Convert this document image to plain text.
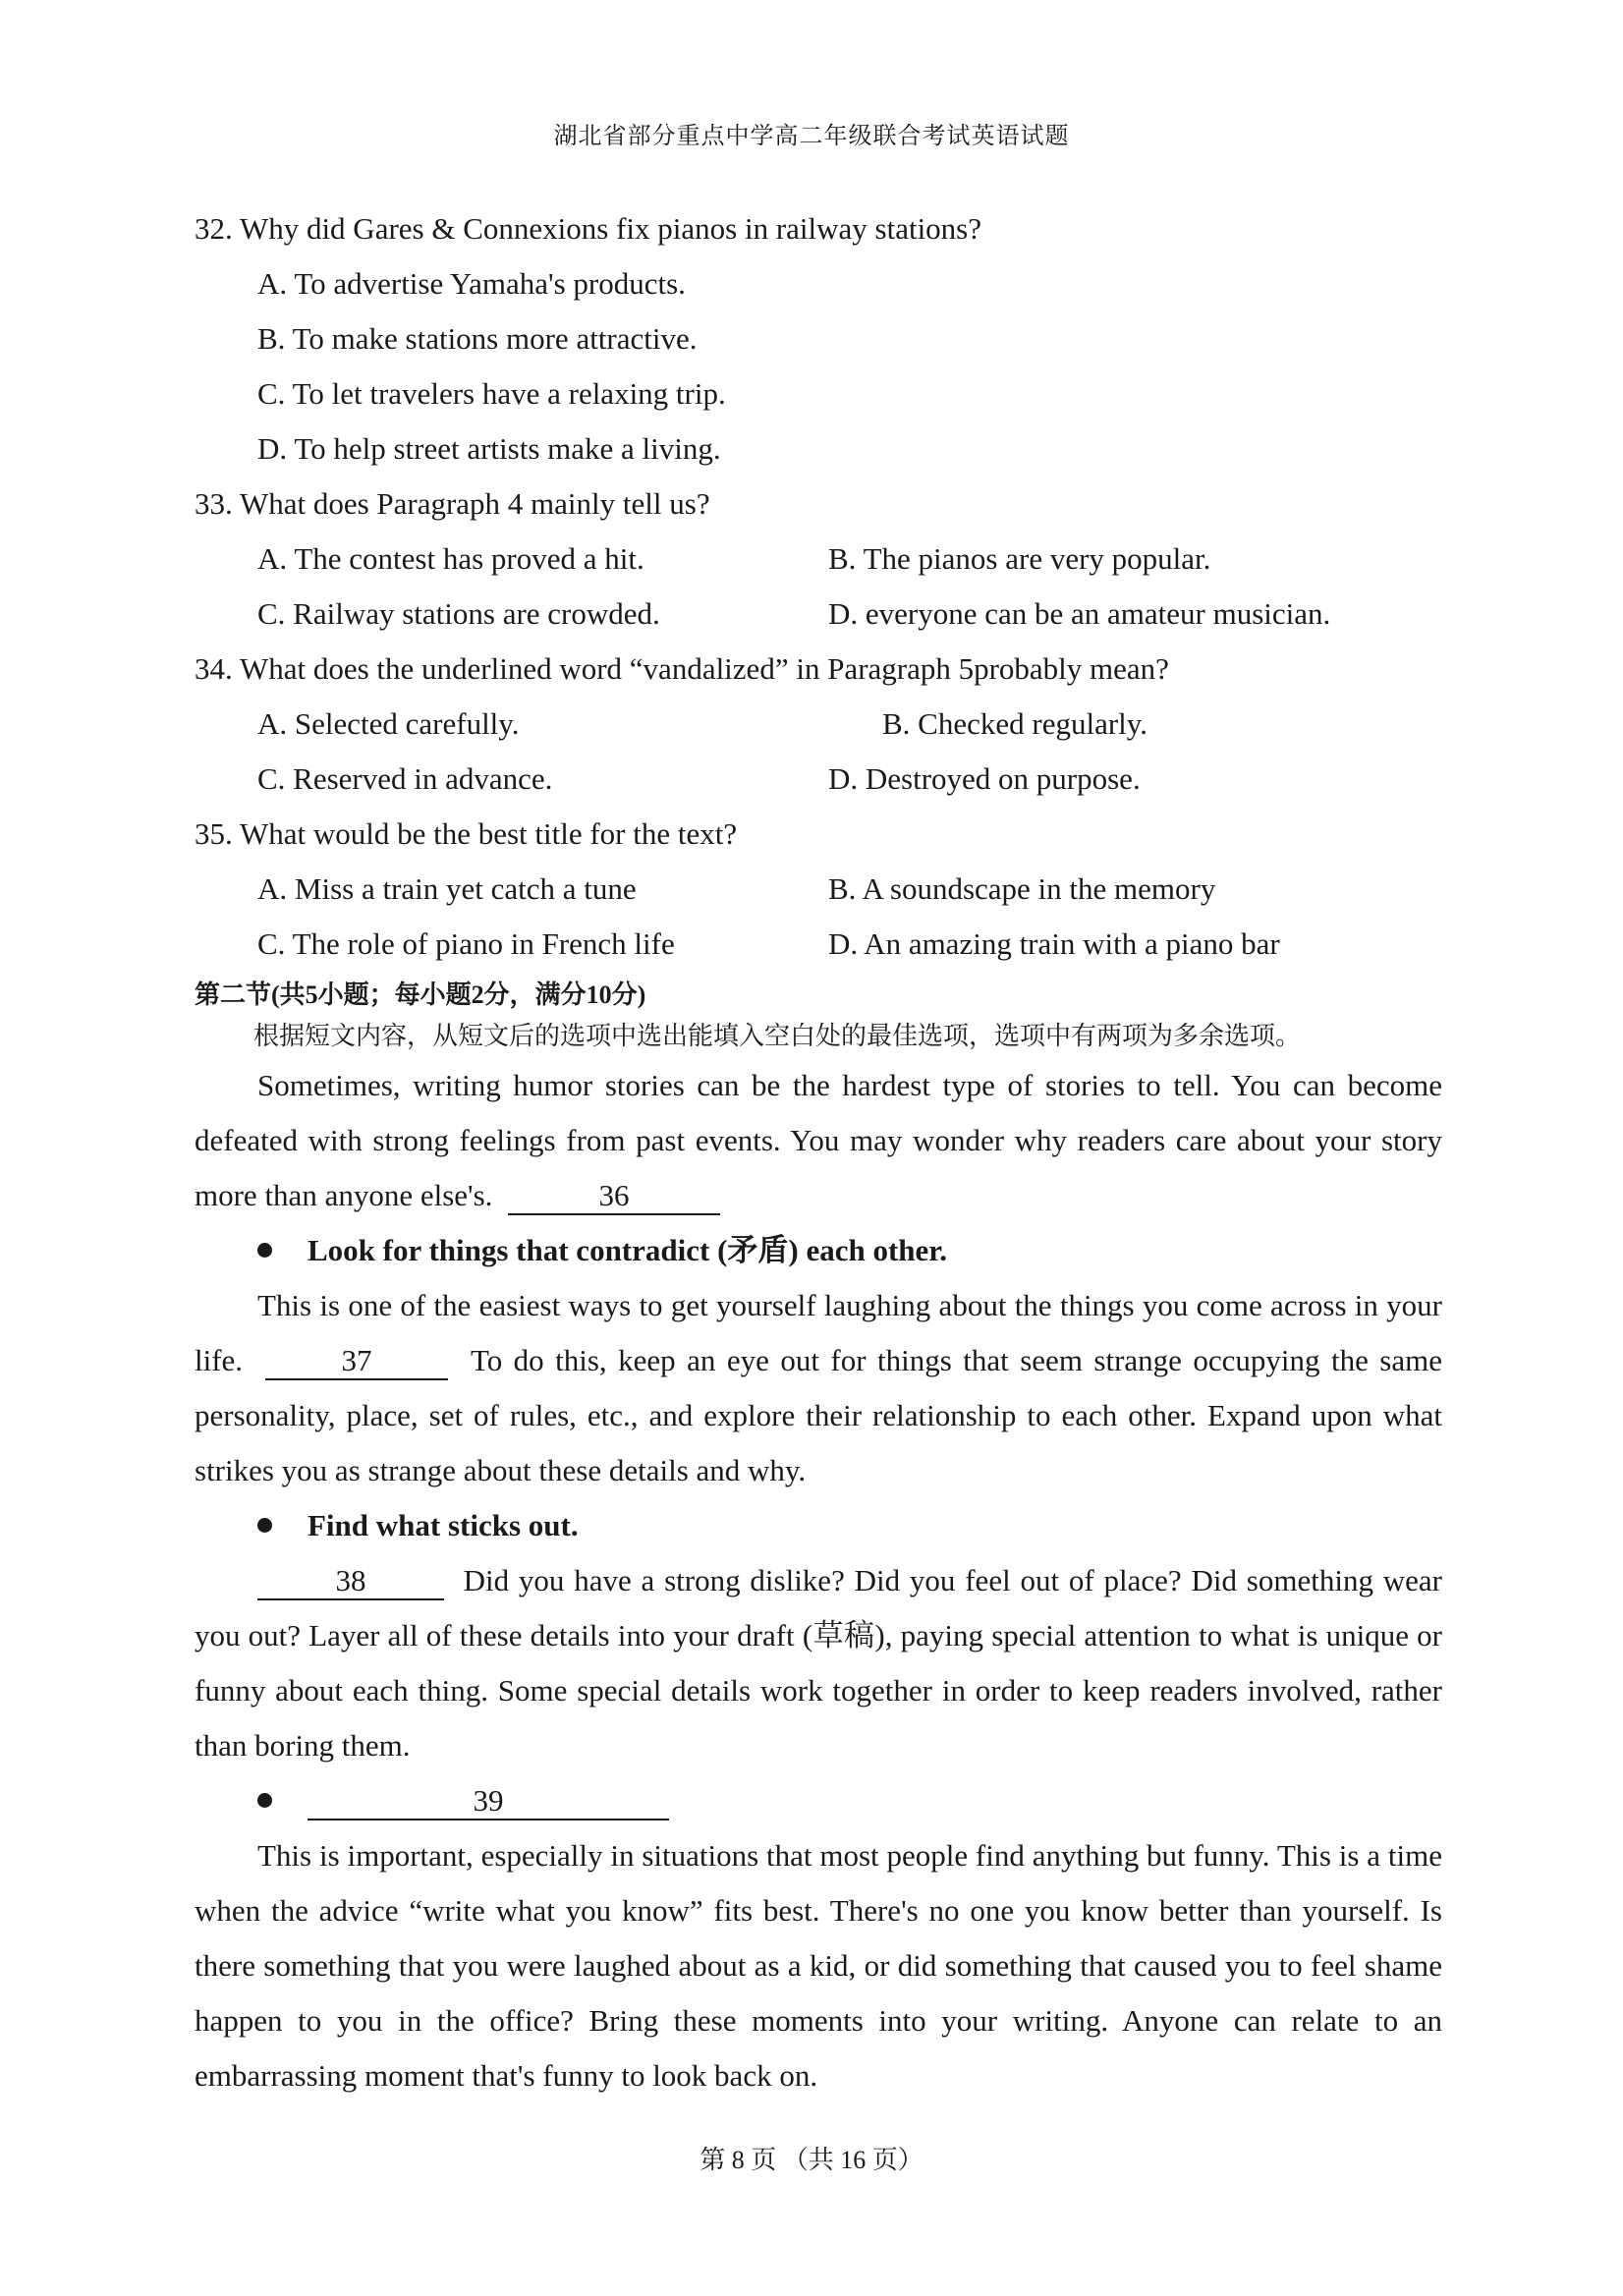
湖北省部分重点中学高二年级联合考试英语试题
32. Why did Gares & Connexions fix pianos in railway stations?
A. To advertise Yamaha's products.
B. To make stations more attractive.
C. To let travelers have a relaxing trip.
D. To help street artists make a living.
33. What does Paragraph 4 mainly tell us?
A. The contest has proved a hit.	B. The pianos are very popular.
C. Railway stations are crowded.	D. everyone can be an amateur musician.
34. What does the underlined word “vandalized” in Paragraph 5probably mean?
A. Selected carefully.	B. Checked regularly.
C. Reserved in advance.	D. Destroyed on purpose.
35. What would be the best title for the text?
A. Miss a train yet catch a tune	B. A soundscape in the memory
C. The role of piano in French life	D. An amazing train with a piano bar
第二节(共5小题；每小题2分，满分10分)
根据短文内容，从短文后的选项中选出能填入空白处的最佳选项，选项中有两项为多余选项。

Sometimes, writing humor stories can be the hardest type of stories to tell. You can become defeated with strong feelings from past events. You may wonder why readers care about your story more than anyone else's.	36

Look for things that contradict (矛盾) each other.

This is one of the easiest ways to get yourself laughing about the things you come across in your life.	37	To do this, keep an eye out for things that seem strange occupying the same personality, place, set of rules, etc., and explore their relationship to each other. Expand upon what strikes you as strange about these details and why.

Find what sticks out.

38	Did you have a strong dislike? Did you feel out of place? Did something wear you out? Layer all of these details into your draft (草稿), paying special attention to what is unique or funny about each thing. Some special details work together in order to keep readers involved, rather than boring them.

39

This is important, especially in situations that most people find anything but funny. This is a time when the advice “write what you know” fits best. There's no one you know better than yourself. Is there something that you were laughed about as a kid, or did something that caused you to feel shame happen to you in the office? Bring these moments into your writing. Anyone can relate to an embarrassing moment that's funny to look back on.

第 8 页 （共 16 页）
